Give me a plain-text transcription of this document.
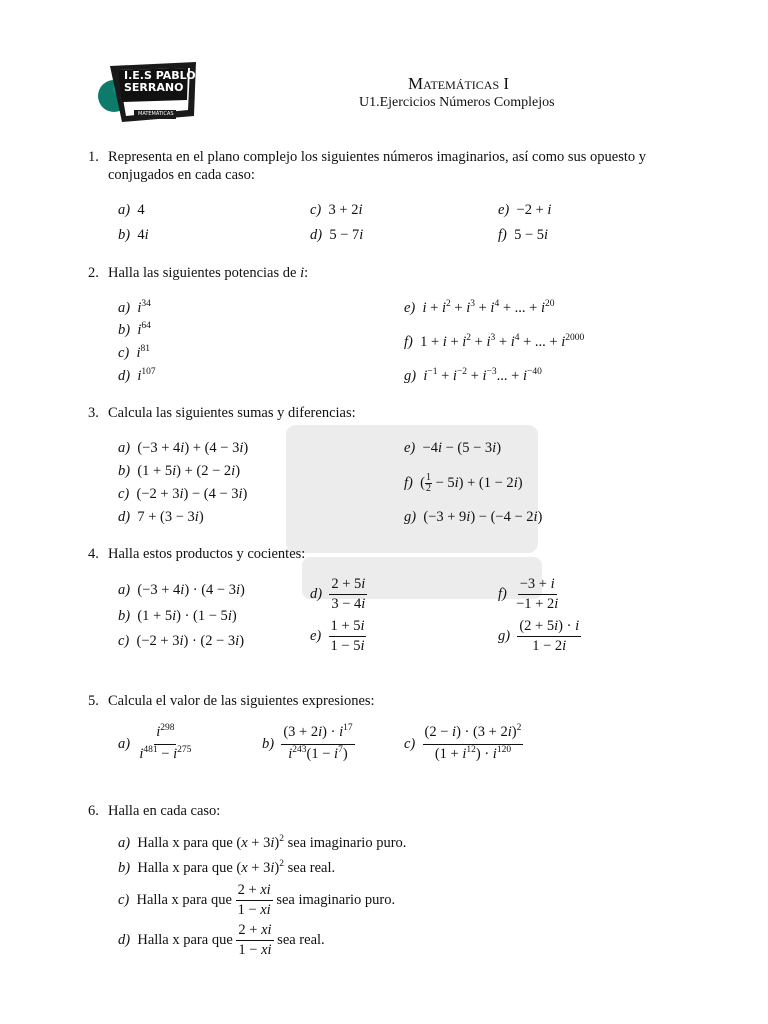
I.E.S PABLO
SERRANO
MATEMÁTICAS
Matemáticas I
U1.Ejercicios Números Complejos
1. Representa en el plano complejo los siguientes números imaginarios, así como sus opuesto y
conjugados en cada caso:
a)  4
b)  4i
c)  3 + 2i
d)  5 − 7i
e)  −2 + i
f)  5 − 5i
2. Halla las siguientes potencias de i:
a) $i^{34}$
b) $i^{64}$
c) $i^{81}$
d) $i^{107}$
e) $i + i^2 + i^3 + i^4$ + ... + $i^{20}$
f)  $1 + i + i^2 + i^3 + i^4$ + ... + $i^{2000}$
g) $i^{-1} + i^{-2} + i^{-3}$... + $i^{-40}$
3. Calcula las siguientes sumas y diferencias:
a)  (−3 + 4i) + (4 − 3i)
b)  (1 + 5i) + (2 − 2i)
c)  (−2 + 3i) − (4 − 3i)
d)  7 + (3 − 3i)
e)  −4i − (5 − 3i)
f)  ( $\frac{1}{2} - 5i) + (1 - 2i)$
g)  (−3 + 9i) − (−4 − 2i)
4. Halla estos productos y cocientes:
a)  (−3 + 4i) · (4 − 3i)
b)  (1 + 5i) · (1 − 5i)
c)  (−2 + 3i) · (2 − 3i)
$d) \frac{2 + 5i}{3 - 4i}$
$e) \frac{1 + 5i}{1 - 5i}$
$f) \frac{-3 + i}{-1 + 2i}$
$g) \frac{(2 + 5i) \cdot i}{1 - 2i}$
5. Calcula el valor de las siguientes expresiones:
$a) \frac{i^{298}}{i^{481} - i^{275}}$	$b) \frac{(3 + 2i) \cdot i^{17}}{i^{243}(1 - i^7)}$	$c) \frac{(2 - i) \cdot (3 + 2i)^2}{(1 + i^{12}) \cdot i^{120}}$
6. Halla en cada caso:
a) Halla x para que $(x + 3i)^2$ sea imaginario puro.
b) Halla x para que $(x + 3i)^2$ sea real.
c) Halla x para que $\frac{2 + xi}{1 - xi}$ sea imaginario puro.
d) Halla x para que $\frac{2 + xi}{1 - xi}$ sea real.
